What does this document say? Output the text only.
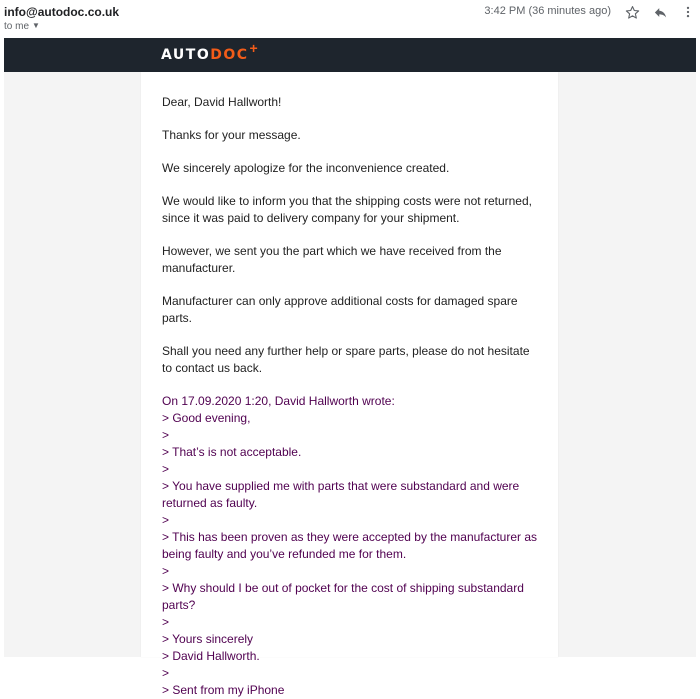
info@autodoc.co.uk
to me ▼
3:42 PM (36 minutes ago)
AUTO DOC +

Dear, David Hallworth!

Thanks for your message.

We sincerely apologize for the inconvenience created.

We would like to inform you that the shipping costs were not returned, since it was paid to delivery company for your shipment.

However, we sent you the part which we have received from the manufacturer.

Manufacturer can only approve additional costs for damaged spare parts.

Shall you need any further help or spare parts, please do not hesitate to contact us back.

On 17.09.2020 1:20, David Hallworth wrote:
> Good evening,
>
> That’s is not acceptable.
>
> You have supplied me with parts that were substandard and were returned as faulty.
>
> This has been proven as they were accepted by the manufacturer as being faulty and you’ve refunded me for them.
>
> Why should I be out of pocket for the cost of shipping substandard parts?
>
> Yours sincerely
> David Hallworth.
>
> Sent from my iPhone
